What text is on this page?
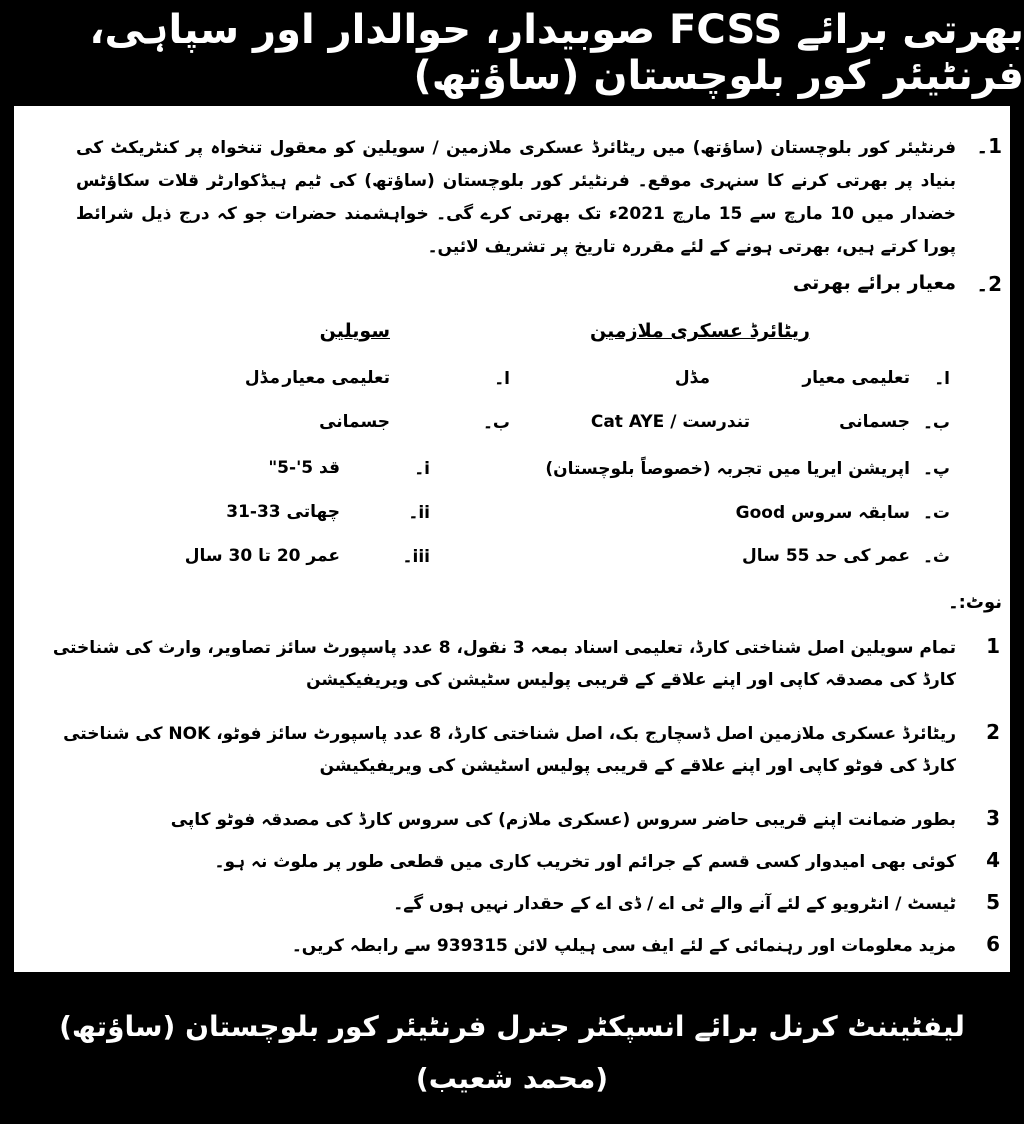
بھرتی برائے FCSS صوبیدار، حوالدار اور سپاہی، فرنٹیئر کور بلوچستان (ساؤتھ)
1۔
فرنٹیئر کور بلوچستان (ساؤتھ) میں ریٹائرڈ عسکری ملازمین / سویلین کو معقول تنخواہ پر کنٹریکٹ کی بنیاد پر بھرتی کرنے کا سنہری موقع۔ فرنٹیئر کور بلوچستان (ساؤتھ) کی ٹیم ہیڈکوارٹر قلات سکاؤٹس خضدار میں 10 مارچ سے 15 مارچ 2021ء تک بھرتی کرے گی۔ خواہشمند حضرات جو کہ درج ذیل شرائط پورا کرتے ہیں، بھرتی ہونے کے لئے مقررہ تاریخ پر تشریف لائیں۔
2۔
معیار برائے بھرتی
ریٹائرڈ عسکری ملازمین
سویلین
ا۔
تعلیمی معیار
مڈل
ب۔
جسمانی
تندرست / Cat AYE
پ۔
اپریشن ایریا میں تجربہ (خصوصاً بلوچستان)
ت۔
سابقہ سروس Good
ث۔
عمر کی حد 55 سال
ا۔
تعلیمی معیار
مڈل
ب۔
جسمانی
i۔
قد 5'-5"
ii۔
چھاتی 33-31
iii۔
عمر 20 تا 30 سال
نوٹ:۔
1
تمام سویلین اصل شناختی کارڈ، تعلیمی اسناد بمعہ 3 نقول، 8 عدد پاسپورٹ سائز تصاویر، وارث کی شناختی کارڈ کی مصدقہ کاپی اور اپنے علاقے کے قریبی پولیس سٹیشن کی ویریفیکیشن
2
ریٹائرڈ عسکری ملازمین اصل ڈسچارج بک، اصل شناختی کارڈ، 8 عدد پاسپورٹ سائز فوٹو، NOK کی شناختی کارڈ کی فوٹو کاپی اور اپنے علاقے کے قریبی پولیس اسٹیشن کی ویریفیکیشن
3
بطور ضمانت اپنے قریبی حاضر سروس (عسکری ملازم) کی سروس کارڈ کی مصدقہ فوٹو کاپی
4
کوئی بھی امیدوار کسی قسم کے جرائم اور تخریب کاری میں قطعی طور پر ملوث نہ ہو۔
5
ٹیسٹ / انٹرویو کے لئے آنے والے ٹی اے / ڈی اے کے حقدار نہیں ہوں گے۔
6
مزید معلومات اور رہنمائی کے لئے ایف سی ہیلپ لائن 939315 سے رابطہ کریں۔
لیفٹیننٹ کرنل برائے انسپکٹر جنرل فرنٹیئر کور بلوچستان (ساؤتھ)
(محمد شعیب)
